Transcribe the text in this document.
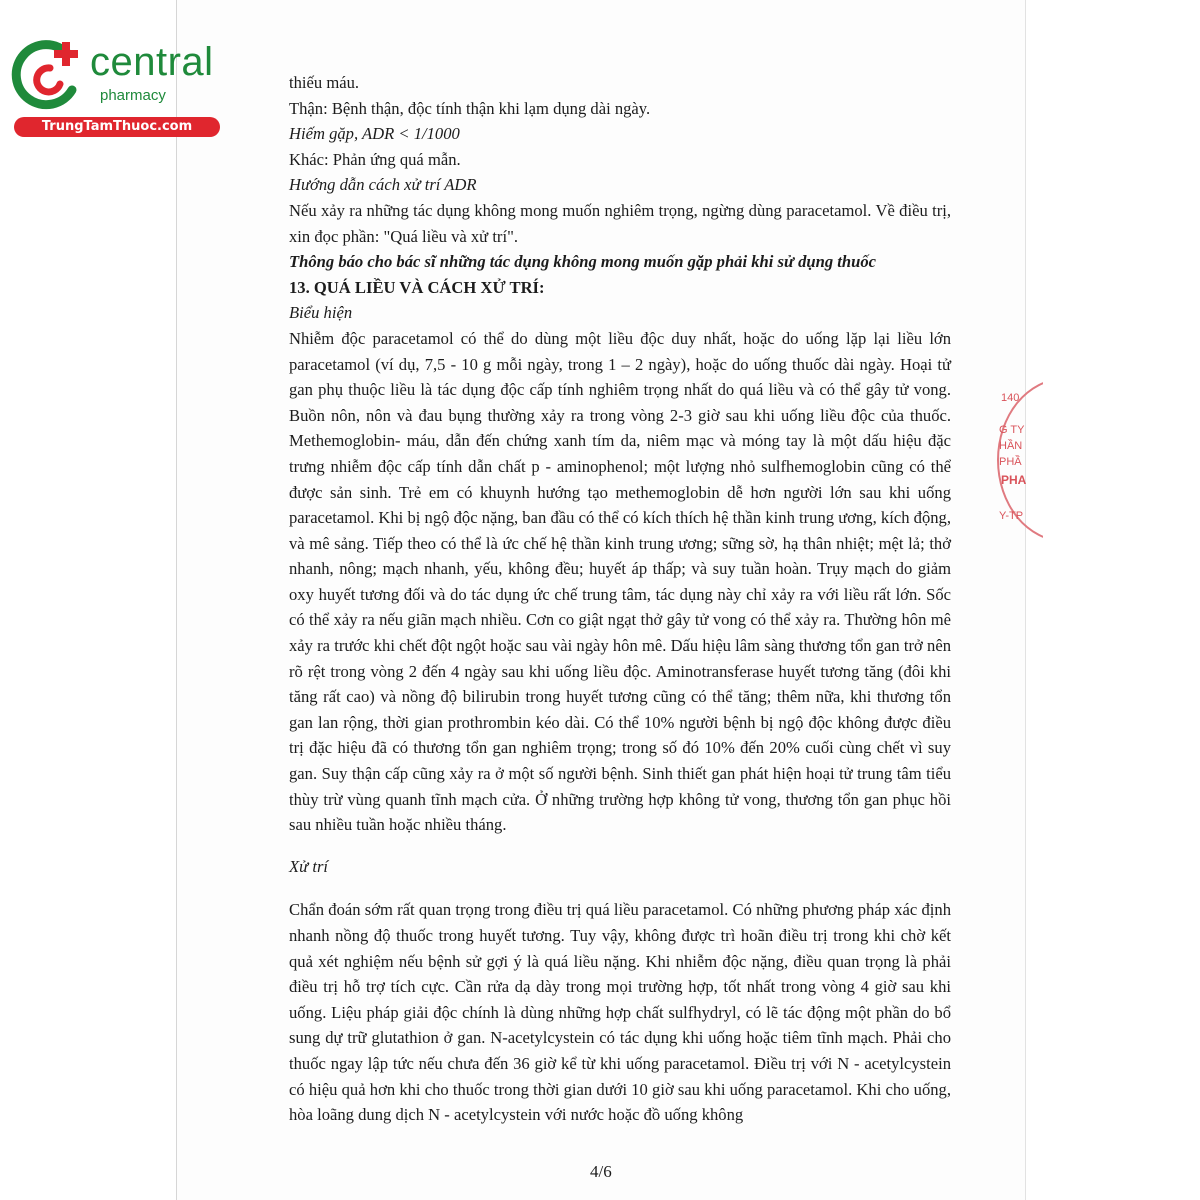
central
pharmacy
TrungTamThuoc.com

thiếu máu.

Thận: Bệnh thận, độc tính thận khi lạm dụng dài ngày.

Hiếm gặp, ADR < 1/1000

Khác: Phản ứng quá mẫn.

Hướng dẫn cách xử trí ADR

Nếu xảy ra những tác dụng không mong muốn nghiêm trọng, ngừng dùng paracetamol. Về điều trị, xin đọc phần: "Quá liều và xử trí".

Thông báo cho bác sĩ những tác dụng không mong muốn gặp phải khi sử dụng thuốc

13. QUÁ LIỀU VÀ CÁCH XỬ TRÍ:

Biểu hiện

Nhiễm độc paracetamol có thể do dùng một liều độc duy nhất, hoặc do uống lặp lại liều lớn paracetamol (ví dụ, 7,5 - 10 g mỗi ngày, trong 1 – 2 ngày), hoặc do uống thuốc dài ngày. Hoại tử gan phụ thuộc liều là tác dụng độc cấp tính nghiêm trọng nhất do quá liều và có thể gây tử vong. Buồn nôn, nôn và đau bụng thường xảy ra trong vòng 2-3 giờ sau khi uống liều độc của thuốc. Methemoglobin- máu, dẫn đến chứng xanh tím da, niêm mạc và móng tay là một dấu hiệu đặc trưng nhiễm độc cấp tính dẫn chất p - aminophenol; một lượng nhỏ sulfhemoglobin cũng có thể được sản sinh. Trẻ em có khuynh hướng tạo methemoglobin dễ hơn người lớn sau khi uống paracetamol. Khi bị ngộ độc nặng, ban đầu có thể có kích thích hệ thần kinh trung ương, kích động, và mê sảng. Tiếp theo có thể là ức chế hệ thần kinh trung ương; sững sờ, hạ thân nhiệt; mệt lả; thở nhanh, nông; mạch nhanh, yếu, không đều; huyết áp thấp; và suy tuần hoàn. Trụy mạch do giảm oxy huyết tương đối và do tác dụng ức chế trung tâm, tác dụng này chỉ xảy ra với liều rất lớn. Sốc có thể xảy ra nếu giãn mạch nhiều. Cơn co giật ngạt thở gây tử vong có thể xảy ra. Thường hôn mê xảy ra trước khi chết đột ngột hoặc sau vài ngày hôn mê. Dấu hiệu lâm sàng thương tổn gan trở nên rõ rệt trong vòng 2 đến 4 ngày sau khi uống liều độc. Aminotransferase huyết tương tăng (đôi khi tăng rất cao) và nồng độ bilirubin trong huyết tương cũng có thể tăng; thêm nữa, khi thương tổn gan lan rộng, thời gian prothrombin kéo dài. Có thể 10% người bệnh bị ngộ độc không được điều trị đặc hiệu đã có thương tổn gan nghiêm trọng; trong số đó 10% đến 20% cuối cùng chết vì suy gan. Suy thận cấp cũng xảy ra ở một số người bệnh. Sinh thiết gan phát hiện hoại tử trung tâm tiểu thùy trừ vùng quanh tĩnh mạch cửa. Ở những trường hợp không tử vong, thương tổn gan phục hồi sau nhiều tuần hoặc nhiều tháng.

Xử trí

Chẩn đoán sớm rất quan trọng trong điều trị quá liều paracetamol. Có những phương pháp xác định nhanh nồng độ thuốc trong huyết tương. Tuy vậy, không được trì hoãn điều trị trong khi chờ kết quả xét nghiệm nếu bệnh sử gợi ý là quá liều nặng. Khi nhiễm độc nặng, điều quan trọng là phải điều trị hỗ trợ tích cực. Cần rửa dạ dày trong mọi trường hợp, tốt nhất trong vòng 4 giờ sau khi uống. Liệu pháp giải độc chính là dùng những hợp chất sulfhydryl, có lẽ tác động một phần do bổ sung dự trữ glutathion ở gan. N-acetylcystein có tác dụng khi uống hoặc tiêm tĩnh mạch. Phải cho thuốc ngay lập tức nếu chưa đến 36 giờ kể từ khi uống paracetamol. Điều trị với N - acetylcystein có hiệu quả hơn khi cho thuốc trong thời gian dưới 10 giờ sau khi uống paracetamol. Khi cho uống, hòa loãng dung dịch N - acetylcystein với nước hoặc đồ uống không

140
G TY
HẦN
PHẦ
PHA
Y-TP
4/6
